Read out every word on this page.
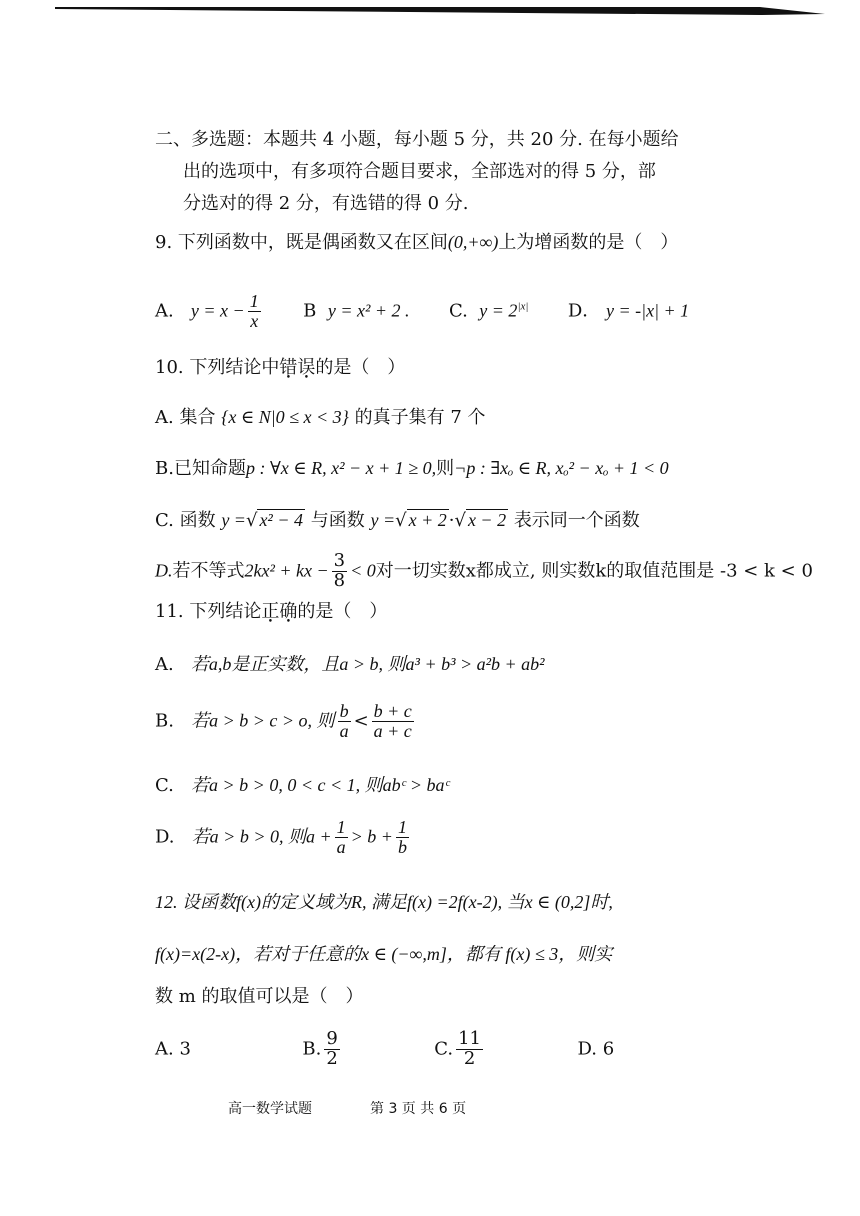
二、多选题：本题共 4 小题，每小题 5 分，共 20 分. 在每小题给
出的选项中，有多项符合题目要求，全部选对的得 5 分，部
分选对的得 2 分，有选错的得 0 分.
9. 下列函数中，既是偶函数又在区间(0,+∞)上为增函数的是（　）
A. $y = x - \frac{1}{x}$ B y = x² + 2 . C. $y = 2^{|x|}$ D． y = -|x| + 1
10. 下列结论中错误的是（　）
A. 集合 {x ∈ N|0 ≤ x < 3} 的真子集有 7 个
B.已知命题p : ∀x ∈ R, x² − x + 1 ≥ 0,则¬p : ∃xₒ ∈ R, xₒ² − xₒ + 1 < 0
C. 函数 y =√ x² − 4 与函数 y =√ x + 2 ·√ x − 2 表示同一个函数
D.若不等式2kx² + kx − $\frac{3}{8} < 0$对一切实数x都成立, 则实数k的取值范围是 -3 < k < 0
11. 下列结论正确的是（　）
A. 若a,b是正实数，且a > b, 则a³ + b³ > a²b + ab²
B. 若a > b > c > o, 则 $\frac{b}{a} < \frac{b + c}{a + c}$
C. 若a > b > 0, 0 < c < 1, 则abᶜ > baᶜ
D. 若a > b > 0, 则$a + \frac{1}{a} > b + \frac{1}{b}$
12. 设函数f(x)的定义域为R, 满足f(x) =2f(x-2), 当x ∈ (0,2]时,
f(x)=x(2-x)，若对于任意的x ∈ (−∞,m]，都有 f(x) ≤ 3，则实
数 m 的取值可以是（　）
A. 3	B. $\frac{9}{2}$	C. $\frac{11}{2}$	D. 6
高一数学试题	第 3 页 共 6 页
